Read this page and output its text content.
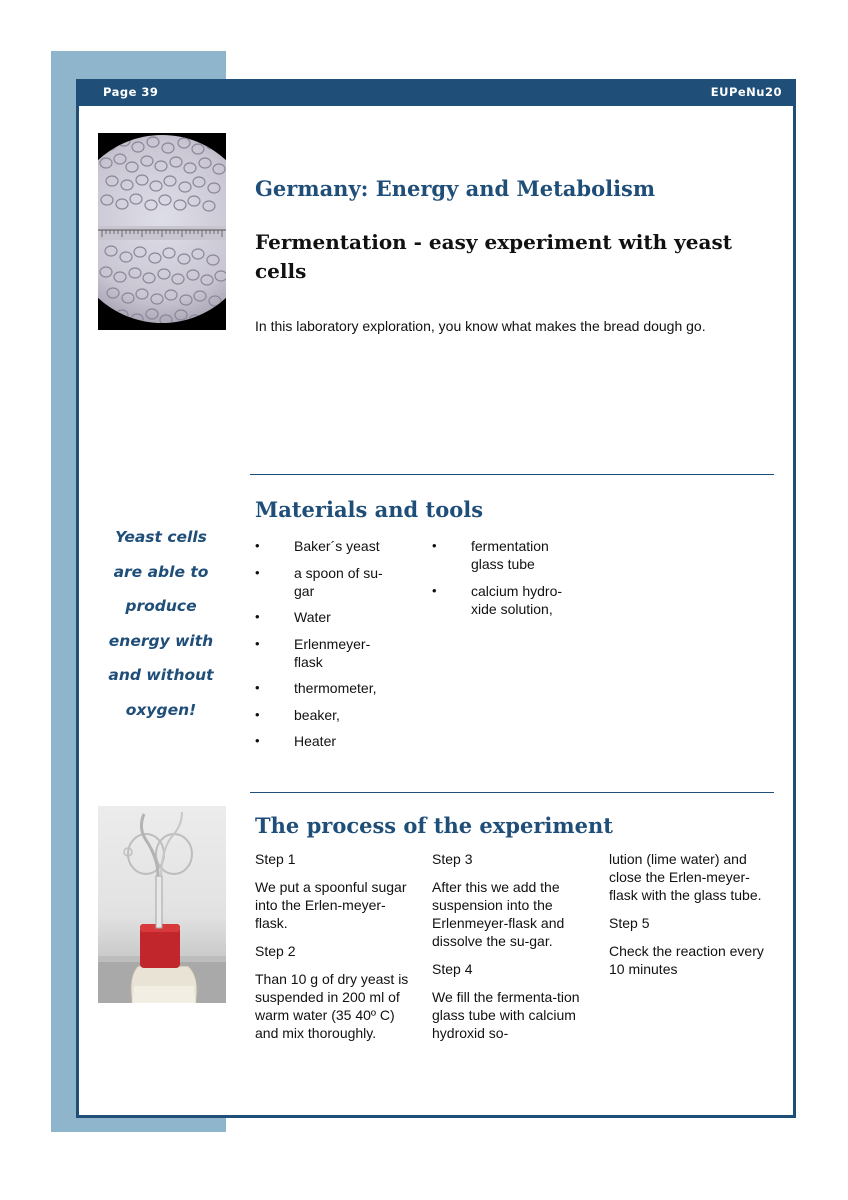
Page 39	EUPeNu20
Germany: Energy and Metabolism
Fermentation - easy experiment with yeast cells

In this laboratory exploration, you know what makes the bread dough go.

Yeast cells
are able to
produce
energy with
and without
oxygen!
Materials and tools
• Baker´s yeast
• a spoon of su-gar
• Water
• Erlenmeyer-flask
• thermometer,
• beaker,
• Heater
• fermentation glass tube
• calcium hydro-xide solution,
The process of the experiment

Step 1

We put a spoonful sugar into the Erlen-meyer-flask.

Step 2

Than 10 g of dry yeast is suspended in 200 ml of warm water (35 40º C) and mix thoroughly.

Step 3

After this we add the suspension into the Erlenmeyer-flask and dissolve the su-gar.

Step 4

We fill the fermenta-tion glass tube with calcium hydroxid so-

lution (lime water) and close the Erlen-meyer-flask with the glass tube.

Step 5

Check the reaction every 10 minutes
